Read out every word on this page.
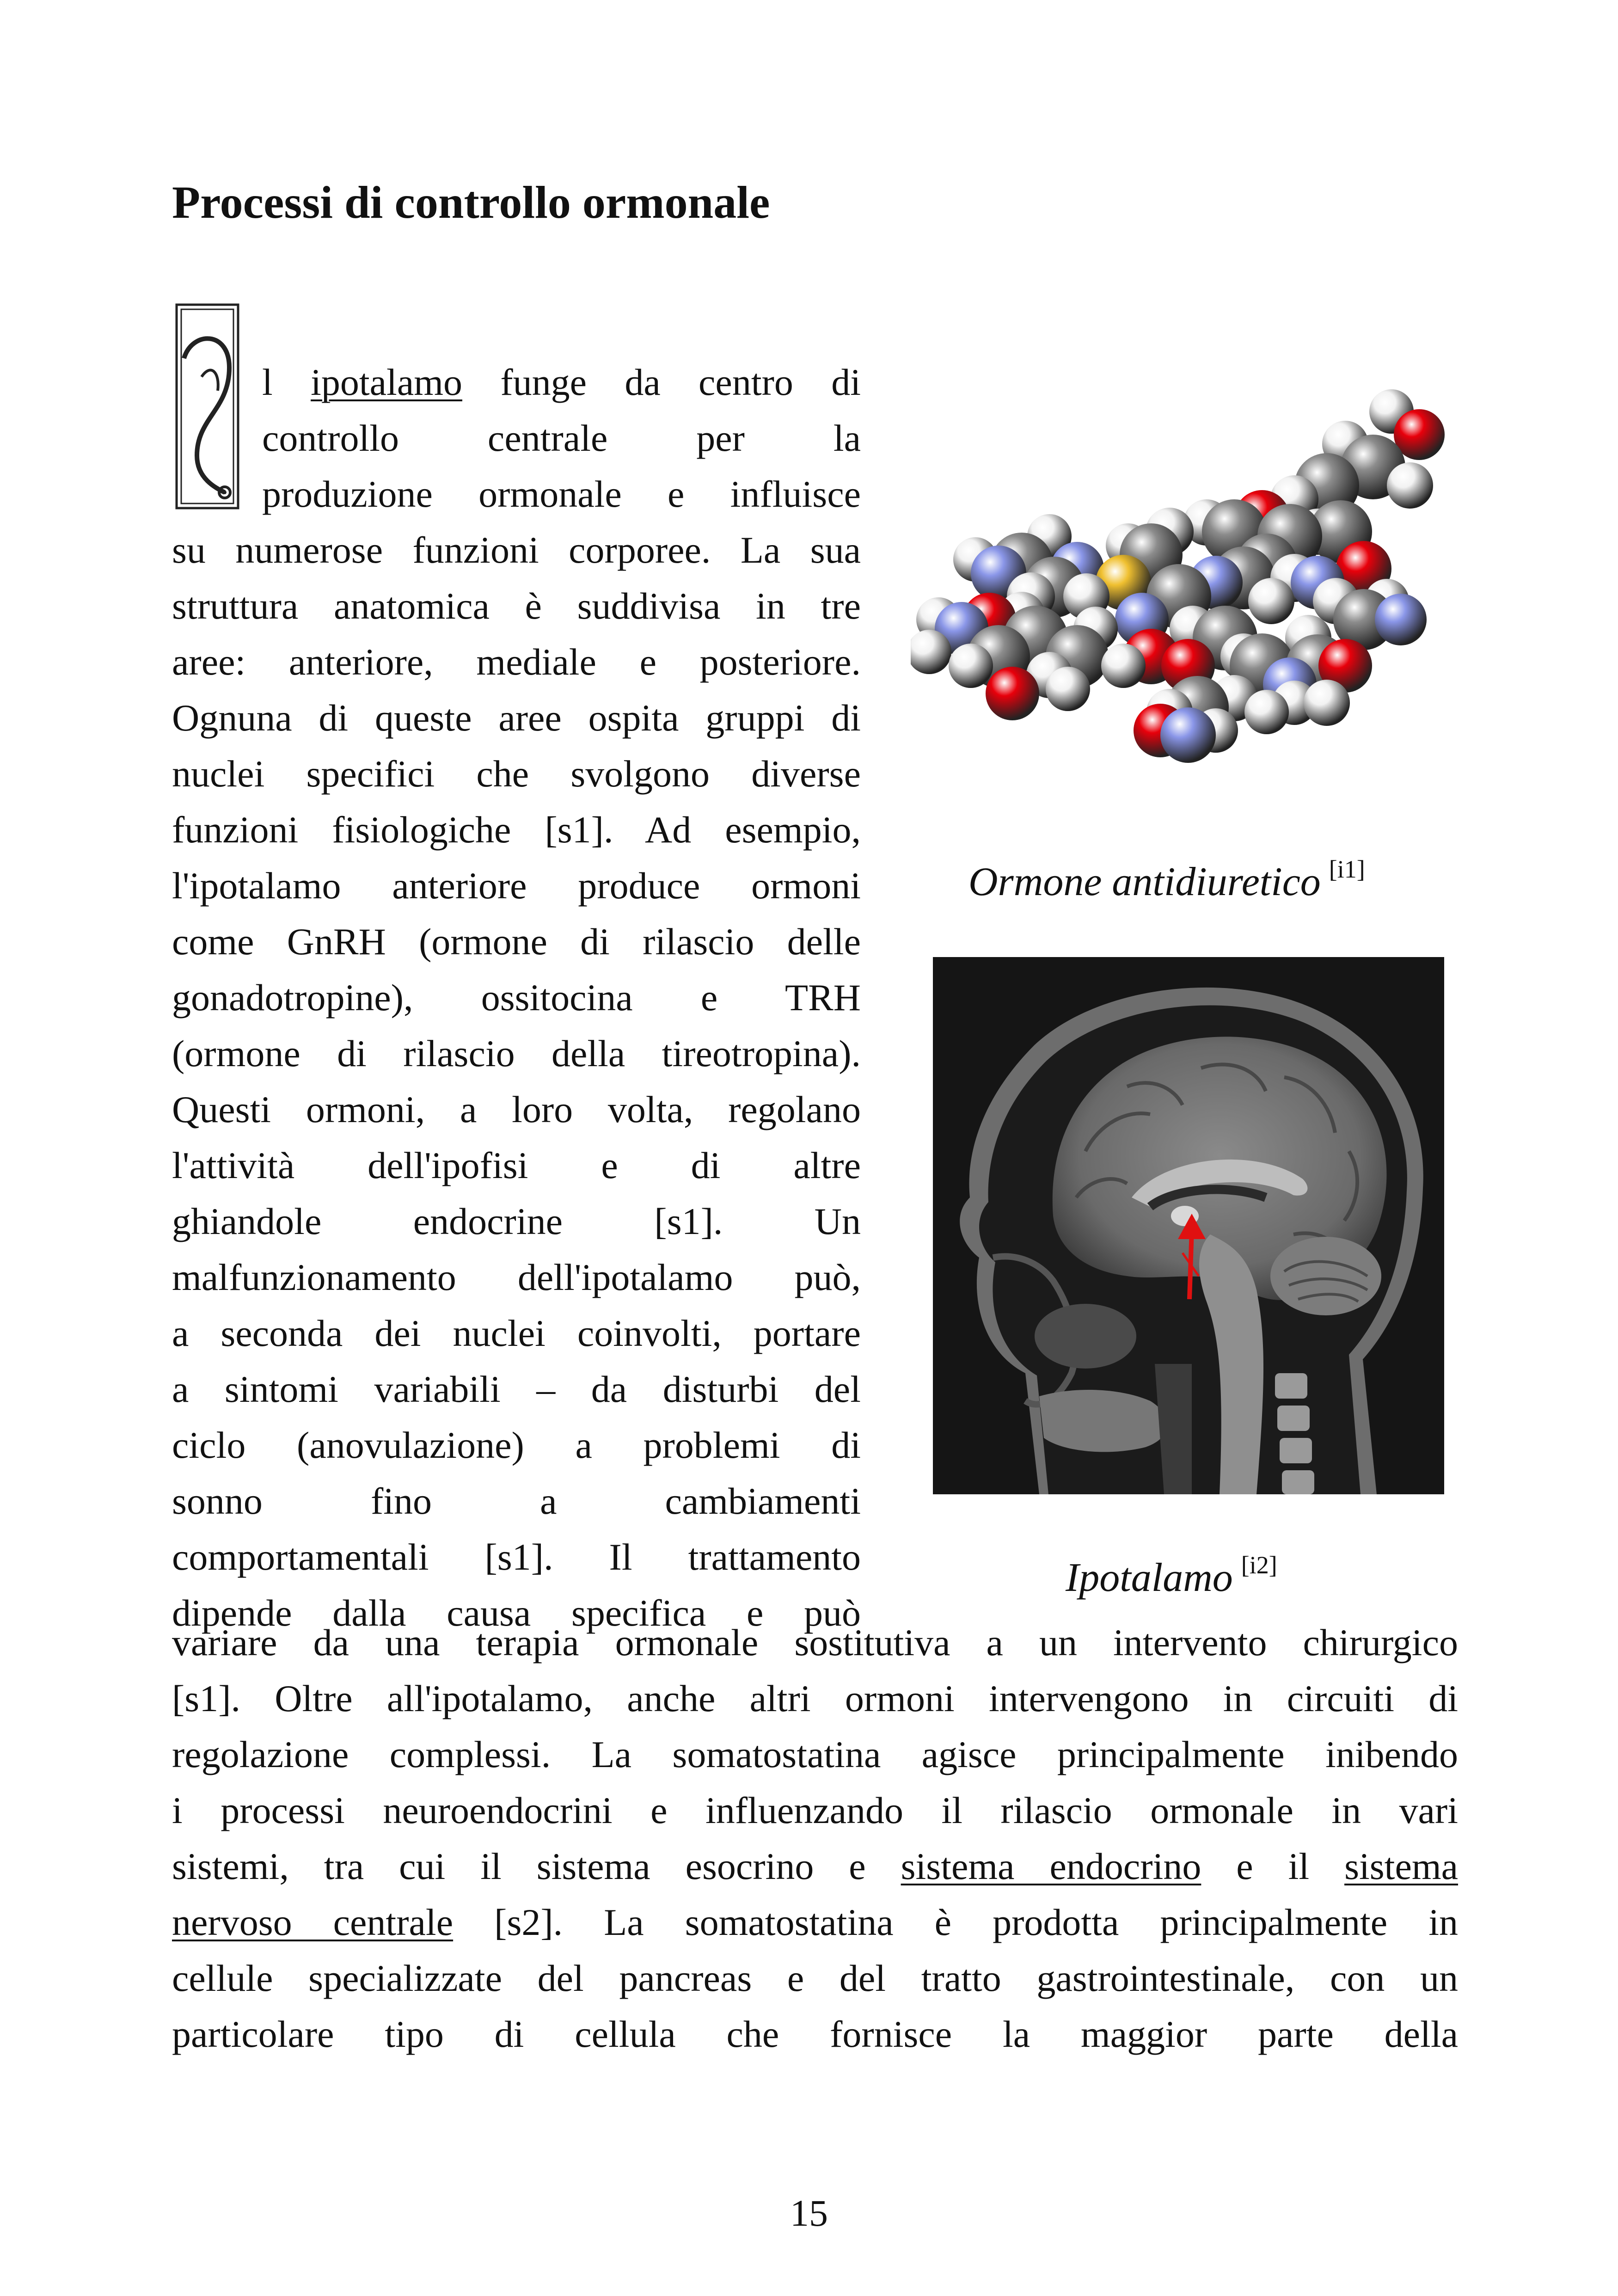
Processi di controllo ormonale
l ipotalamo funge da centro di
controllo centrale per la
produzione ormonale e influisce
su numerose funzioni corporee. La sua
struttura anatomica è suddivisa in tre
aree: anteriore, mediale e posteriore.
Ognuna di queste aree ospita gruppi di
nuclei specifici che svolgono diverse
funzioni fisiologiche [s1]. Ad esempio,
l'ipotalamo anteriore produce ormoni
come GnRH (ormone di rilascio delle
gonadotropine), ossitocina e TRH
(ormone di rilascio della tireotropina).
Questi ormoni, a loro volta, regolano
l'attività dell'ipofisi e di altre
ghiandole endocrine [s1]. Un
malfunzionamento dell'ipotalamo può,
a seconda dei nuclei coinvolti, portare
a sintomi variabili – da disturbi del
ciclo (anovulazione) a problemi di
sonno fino a cambiamenti
comportamentali [s1]. Il trattamento
dipende dalla causa specifica e può
variare da una terapia ormonale sostitutiva a un intervento chirurgico
[s1]. Oltre all'ipotalamo, anche altri ormoni intervengono in circuiti di
regolazione complessi. La somatostatina agisce principalmente inibendo
i processi neuroendocrini e influenzando il rilascio ormonale in vari
sistemi, tra cui il sistema esocrino e sistema endocrino e il sistema
nervoso centrale [s2]. La somatostatina è prodotta principalmente in
cellule specializzate del pancreas e del tratto gastrointestinale, con un
particolare tipo di cellula che fornisce la maggior parte della
Ormone antidiuretico [i1]
Ipotalamo [i2]
15
